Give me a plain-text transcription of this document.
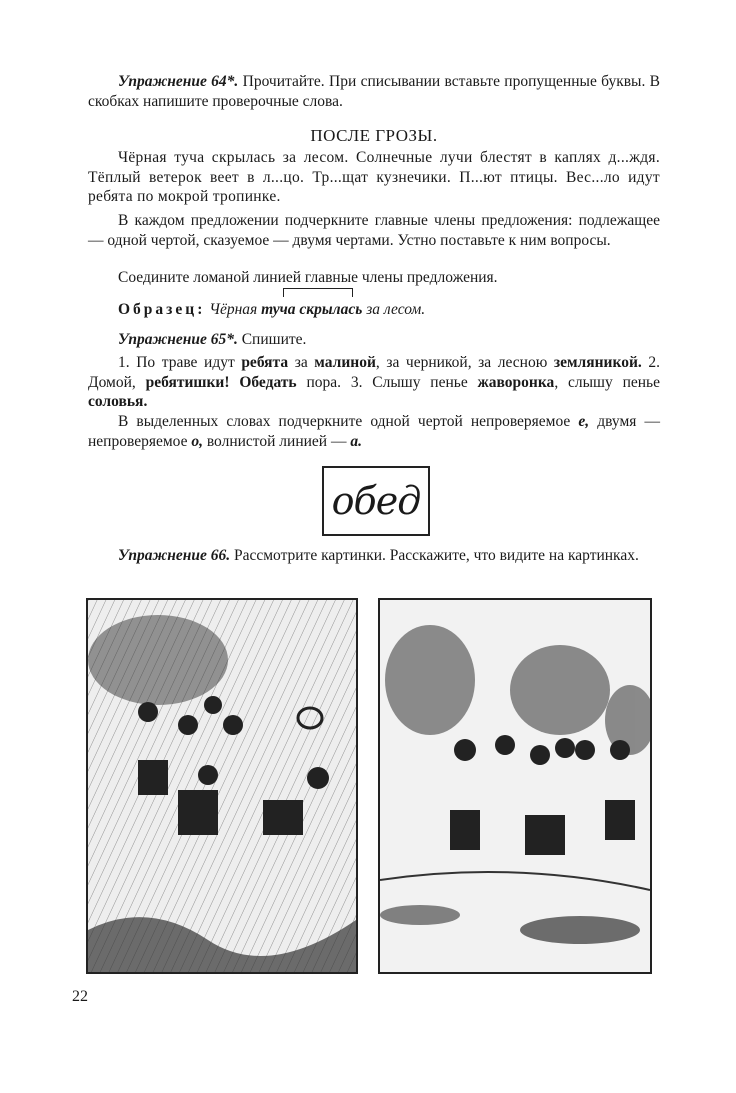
Упражнение 64*. Прочитайте. При списывании вставьте пропущенные буквы. В скобках напишите проверочные слова.

ПОСЛЕ ГРОЗЫ.

Чёрная туча скрылась за лесом. Солнечные лучи блестят в каплях д...ждя. Тёплый ветерок веет в л...цо. Тр...щат кузнечики. П...ют птицы. Вес...ло идут ребята по мокрой тропинке.

В каждом предложении подчеркните главные члены предложения: подлежащее — одной чертой, сказуемое — двумя чертами. Устно поставьте к ним вопросы.

Соедините ломаной линией главные члены предложения.

Образец: Чёрная туча скрылась за лесом.

Упражнение 65*. Спишите.

1. По траве идут ребята за малиной, за черникой, за лесною земляникой. 2. Домой, ребятишки! Обедать пора. 3. Слышу пенье жаворонка, слышу пенье соловья.

В выделенных словах подчеркните одной чертой непроверяемое е, двумя — непроверяемое о, волнистой линией — а.

обед

Упражнение 66. Рассмотрите картинки. Расскажите, что видите на картинках.

22
